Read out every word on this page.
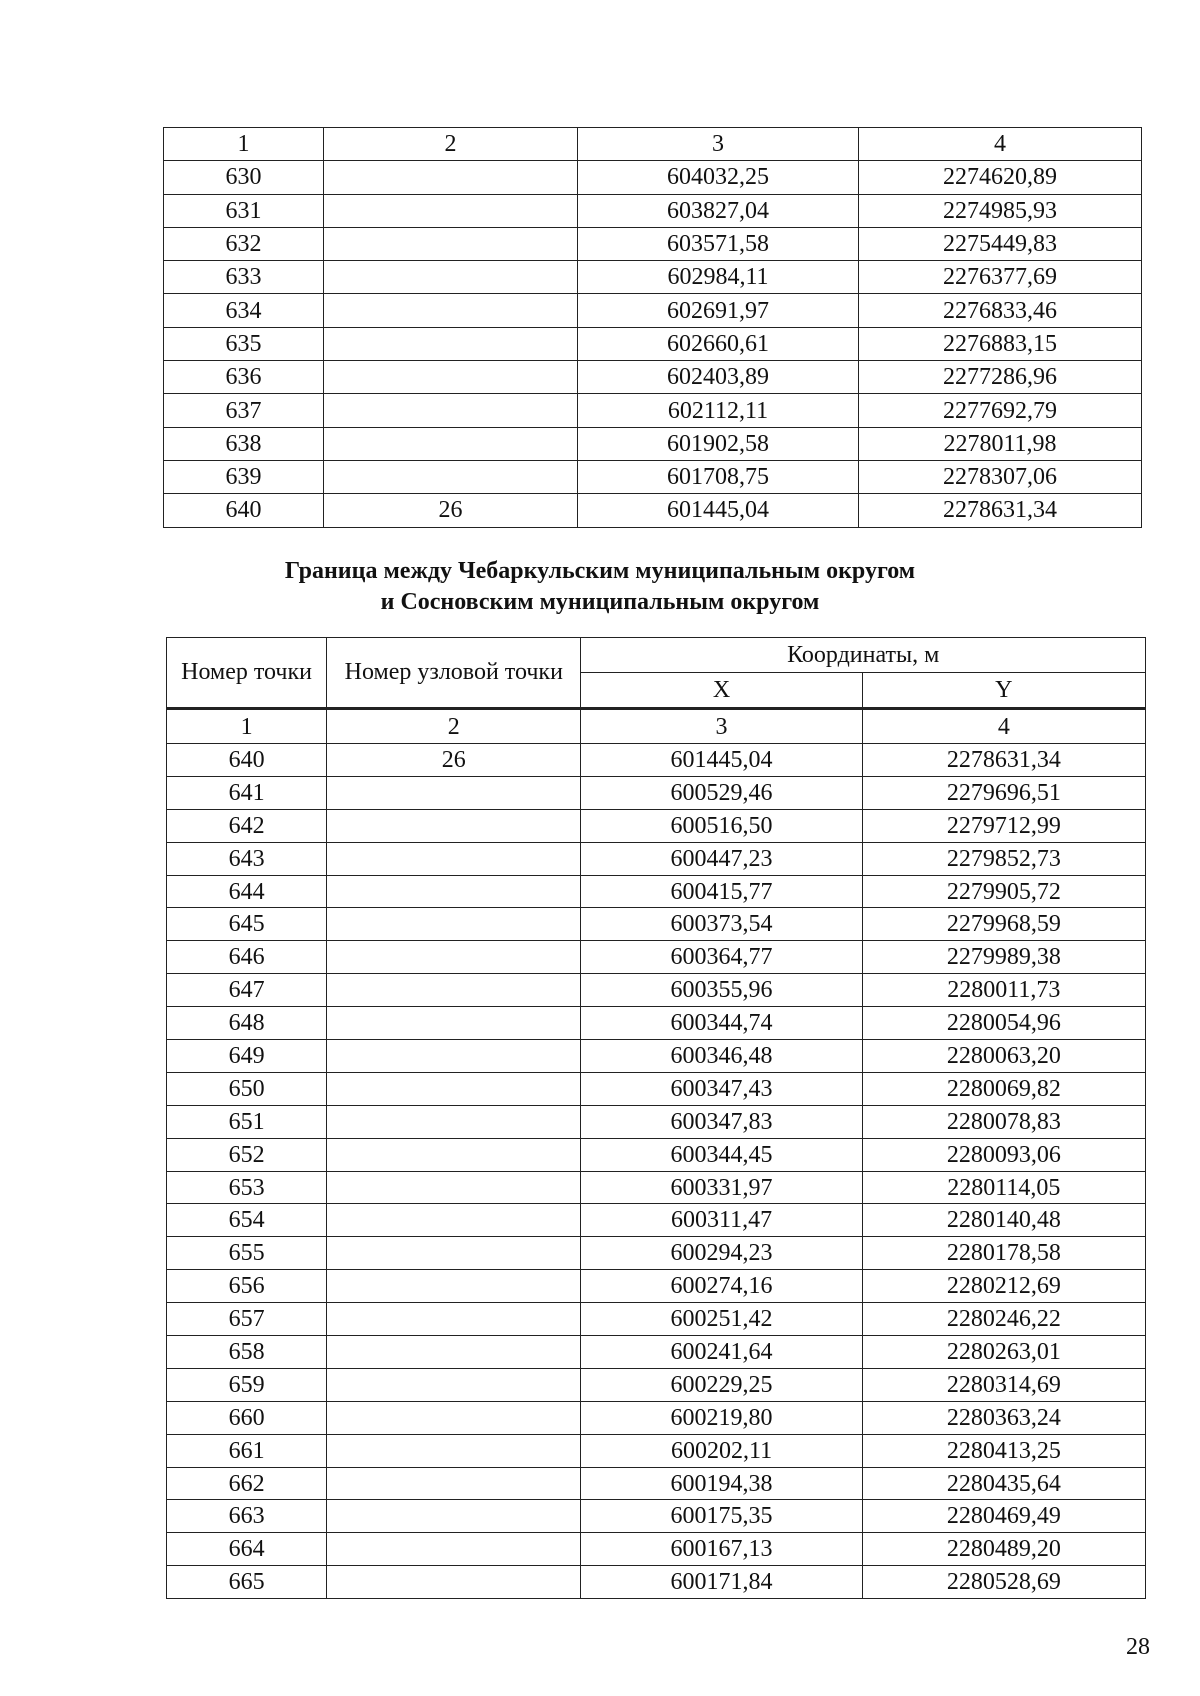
1	2	3	4
630		604032,25	2274620,89
631		603827,04	2274985,93
632		603571,58	2275449,83
633		602984,11	2276377,69
634		602691,97	2276833,46
635		602660,61	2276883,15
636		602403,89	2277286,96
637		602112,11	2277692,79
638		601902,58	2278011,98
639		601708,75	2278307,06
640	26	601445,04	2278631,34
Граница между Чебаркульским муниципальным округом
и Сосновским муниципальным округом
Номер точки	Номер узловой точки	Координаты, м	
		X	Y
1	2	3	4
640	26	601445,04	2278631,34
641		600529,46	2279696,51
642		600516,50	2279712,99
643		600447,23	2279852,73
644		600415,77	2279905,72
645		600373,54	2279968,59
646		600364,77	2279989,38
647		600355,96	2280011,73
648		600344,74	2280054,96
649		600346,48	2280063,20
650		600347,43	2280069,82
651		600347,83	2280078,83
652		600344,45	2280093,06
653		600331,97	2280114,05
654		600311,47	2280140,48
655		600294,23	2280178,58
656		600274,16	2280212,69
657		600251,42	2280246,22
658		600241,64	2280263,01
659		600229,25	2280314,69
660		600219,80	2280363,24
661		600202,11	2280413,25
662		600194,38	2280435,64
663		600175,35	2280469,49
664		600167,13	2280489,20
665		600171,84	2280528,69
28
